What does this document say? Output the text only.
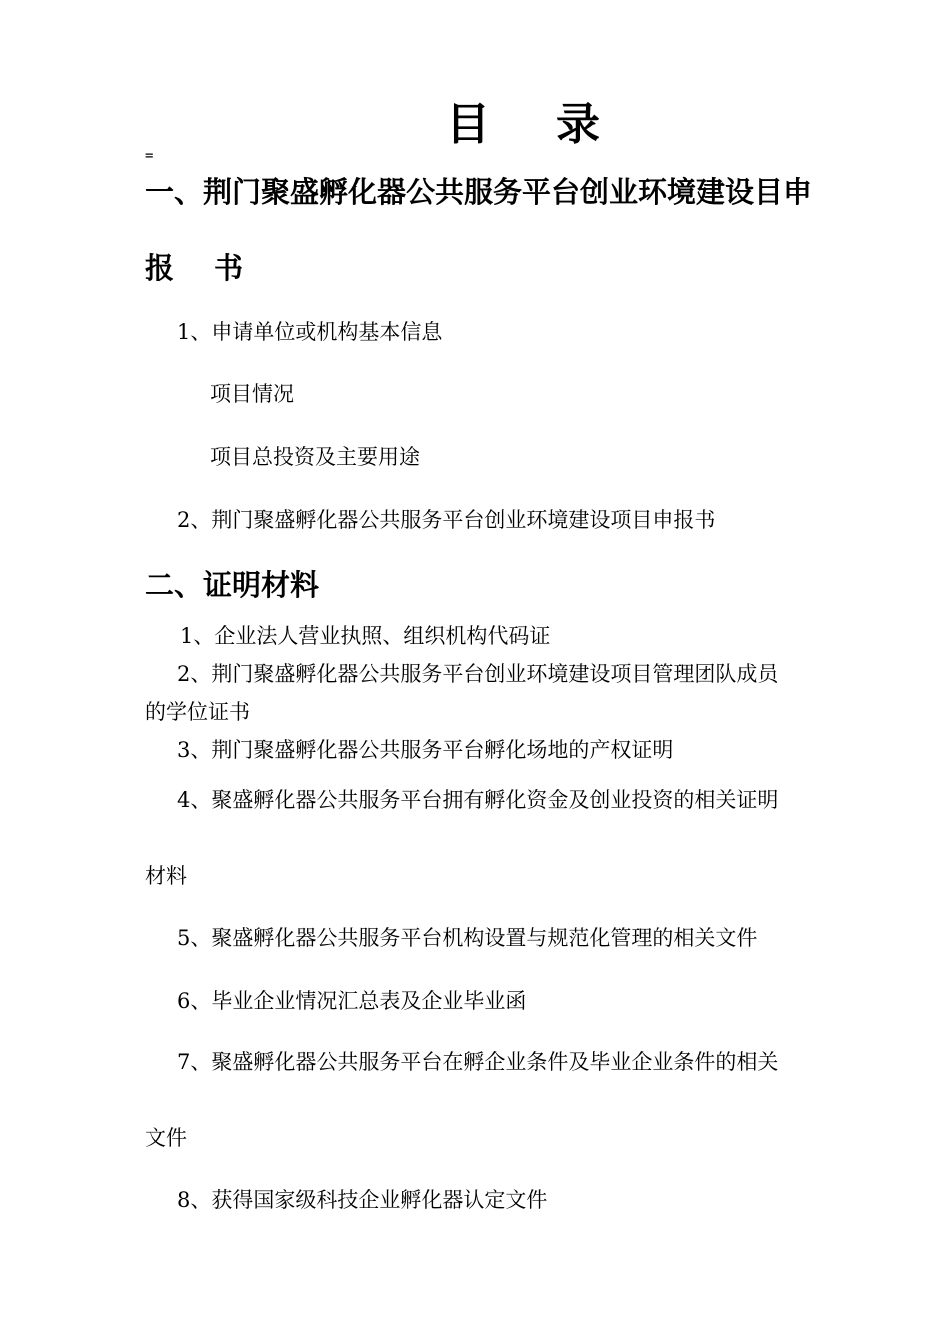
目 录
=
一、荆门聚盛孵化器公共服务平台创业环境建设目申
报 书
1、申请单位或机构基本信息
项目情况
项目总投资及主要用途
2、荆门聚盛孵化器公共服务平台创业环境建设项目申报书
二、证明材料
1、企业法人营业执照、组织机构代码证
2、荆门聚盛孵化器公共服务平台创业环境建设项目管理团队成员
的学位证书
3、荆门聚盛孵化器公共服务平台孵化场地的产权证明
4、聚盛孵化器公共服务平台拥有孵化资金及创业投资的相关证明
材料
5、聚盛孵化器公共服务平台机构设置与规范化管理的相关文件
6、毕业企业情况汇总表及企业毕业函
7、聚盛孵化器公共服务平台在孵企业条件及毕业企业条件的相关
文件
8、获得国家级科技企业孵化器认定文件
